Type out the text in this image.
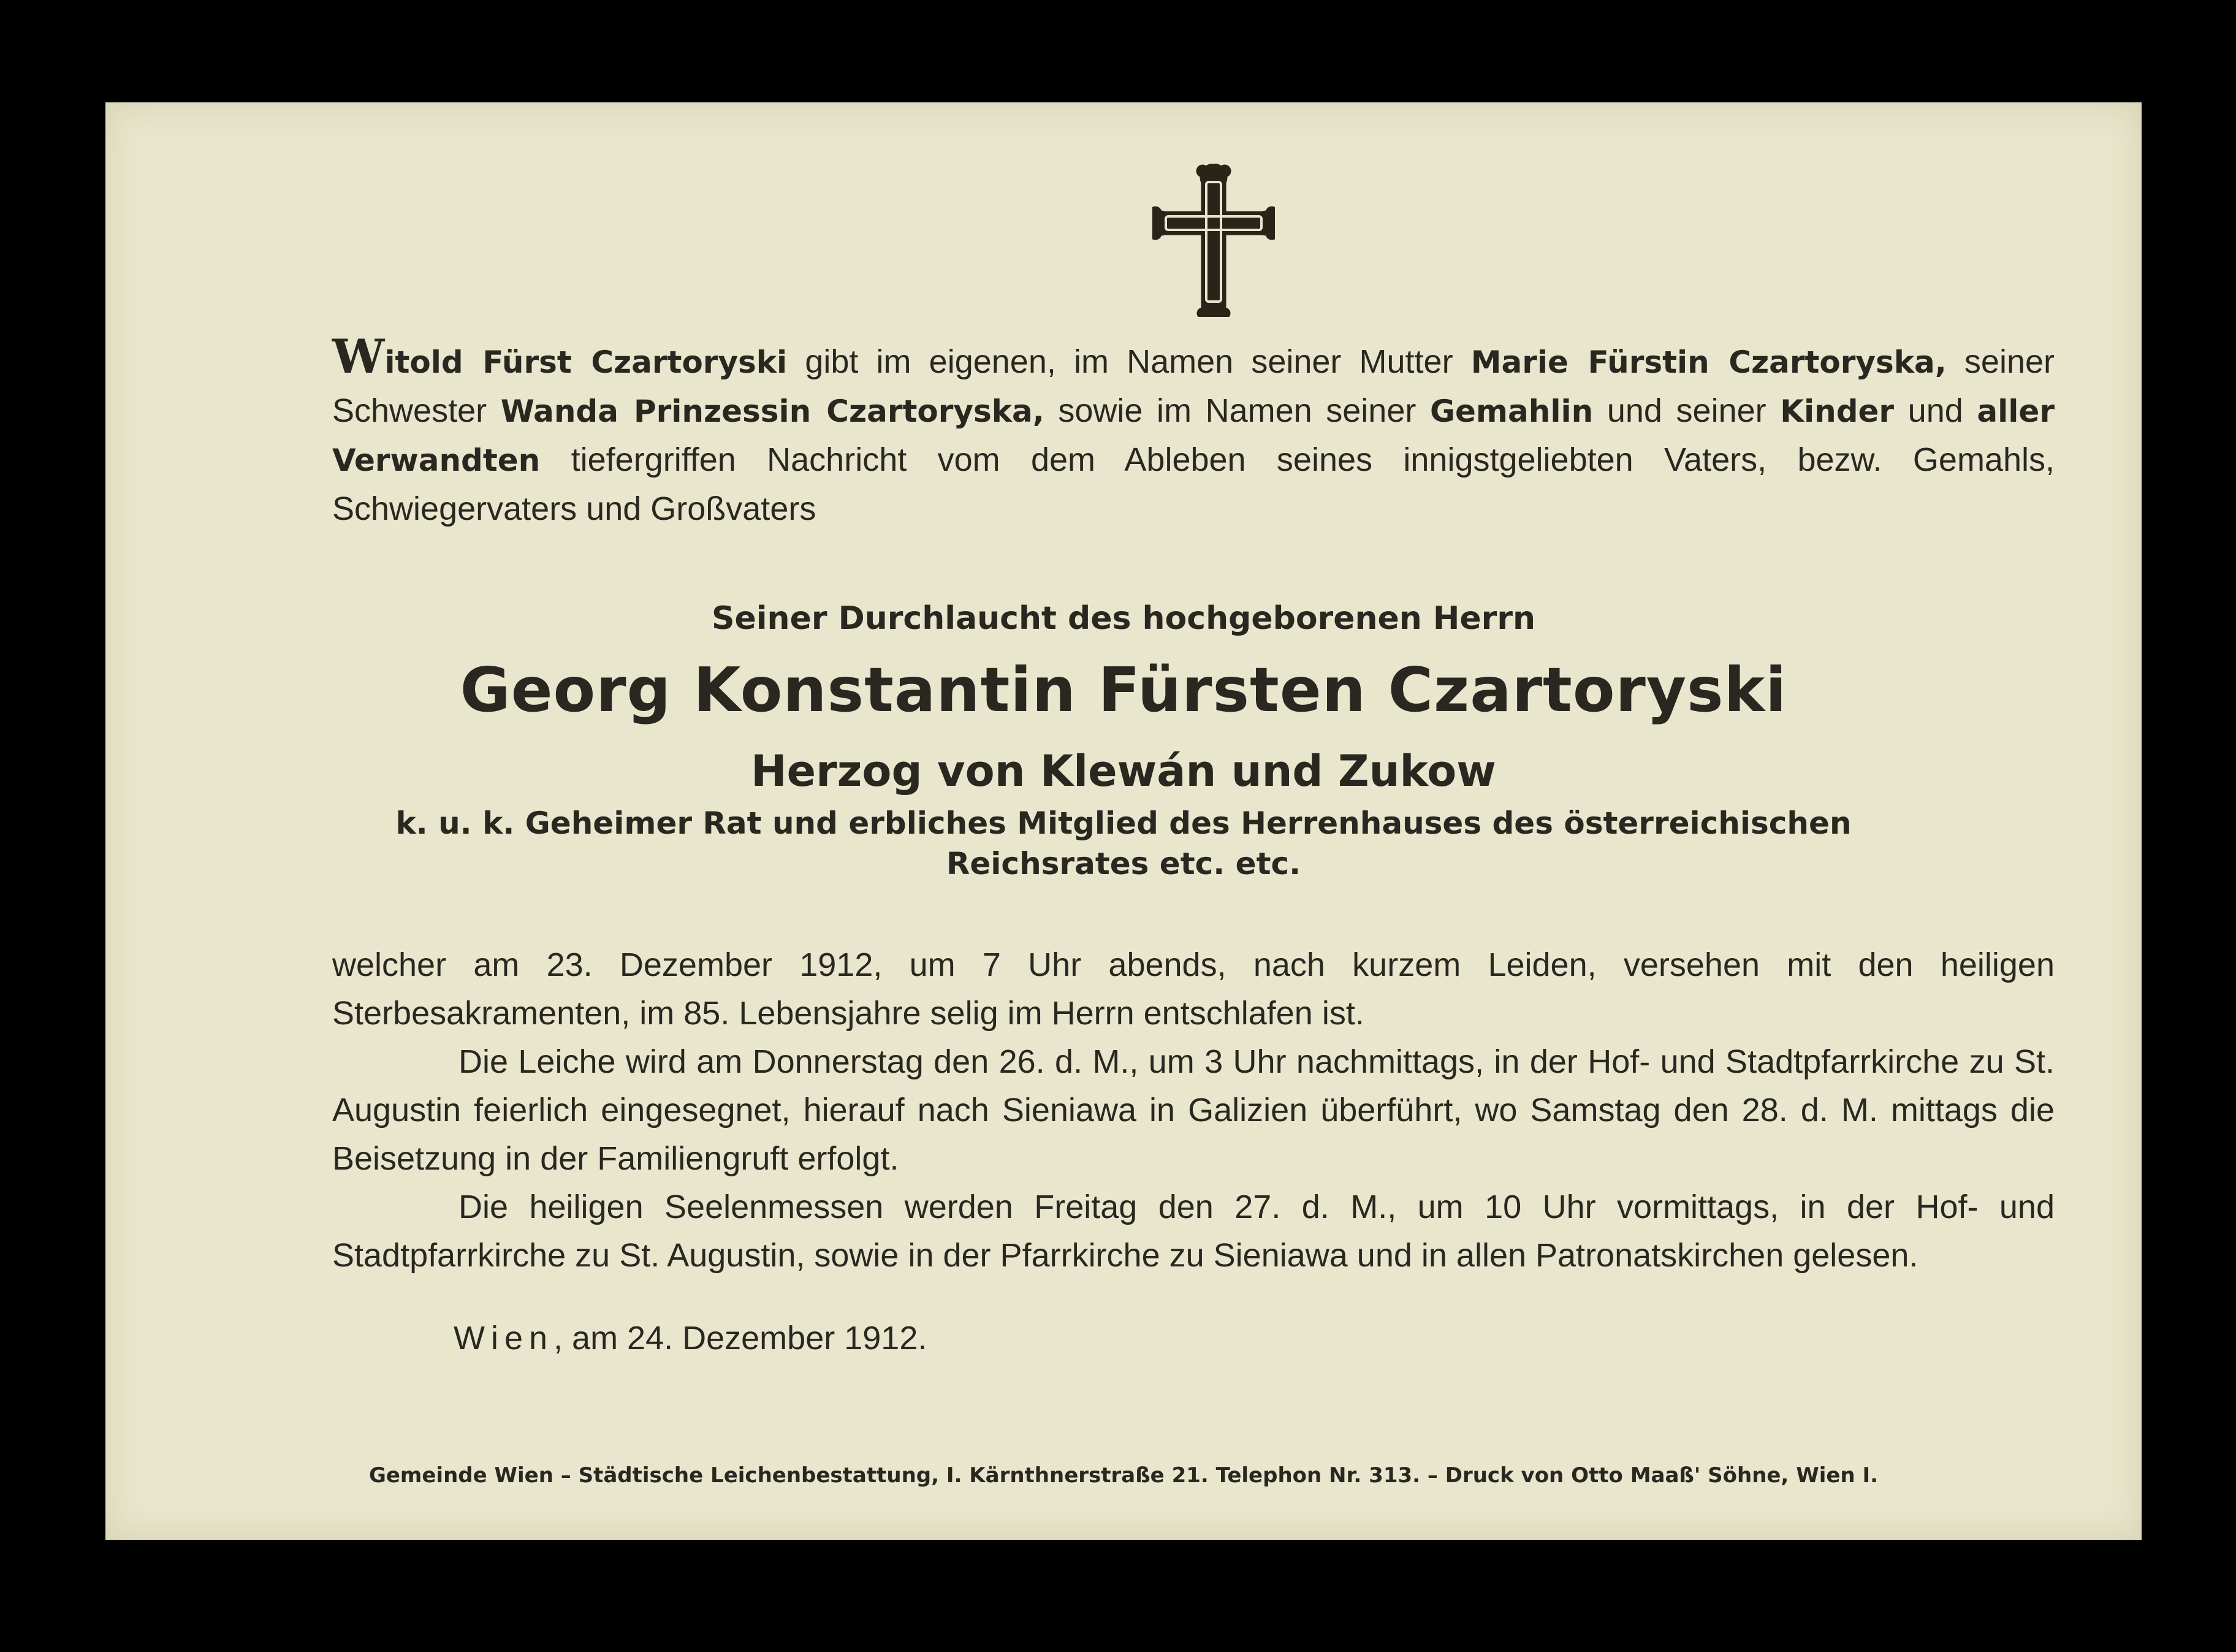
Witold Fürst Czartoryski gibt im eigenen, im Namen seiner Mutter Marie Fürstin Czartoryska, seiner Schwester Wanda Prinzessin Czartoryska, sowie im Namen seiner Gemahlin und seiner Kinder und aller Verwandten tiefergriffen Nachricht vom dem Ableben seines innigstgeliebten Vaters, bezw. Gemahls, Schwiegervaters und Großvaters

Seiner Durchlaucht des hochgeborenen Herrn
Georg Konstantin Fürsten Czartoryski
Herzog von Klewán und Zukow
k. u. k. Geheimer Rat und erbliches Mitglied des Herrenhauses des österreichischen
Reichsrates etc. etc.

welcher am 23. Dezember 1912, um 7 Uhr abends, nach kurzem Leiden, versehen mit den heiligen Sterbesakramenten, im 85. Lebensjahre selig im Herrn entschlafen ist.
Die Leiche wird am Donnerstag den 26. d. M., um 3 Uhr nachmittags, in der Hof- und Stadtpfarrkirche zu St. Augustin feierlich eingesegnet, hierauf nach Sieniawa in Galizien überführt, wo Samstag den 28. d. M. mittags die Beisetzung in der Familiengruft erfolgt.
Die heiligen Seelenmessen werden Freitag den 27. d. M., um 10 Uhr vormittags, in der Hof- und Stadtpfarrkirche zu St. Augustin, sowie in der Pfarrkirche zu Sieniawa und in allen Patronatskirchen gelesen.

Wien, am 24. Dezember 1912.
Gemeinde Wien – Städtische Leichenbestattung, I. Kärnthnerstraße 21. Telephon Nr. 313. – Druck von Otto Maaß' Söhne, Wien I.
